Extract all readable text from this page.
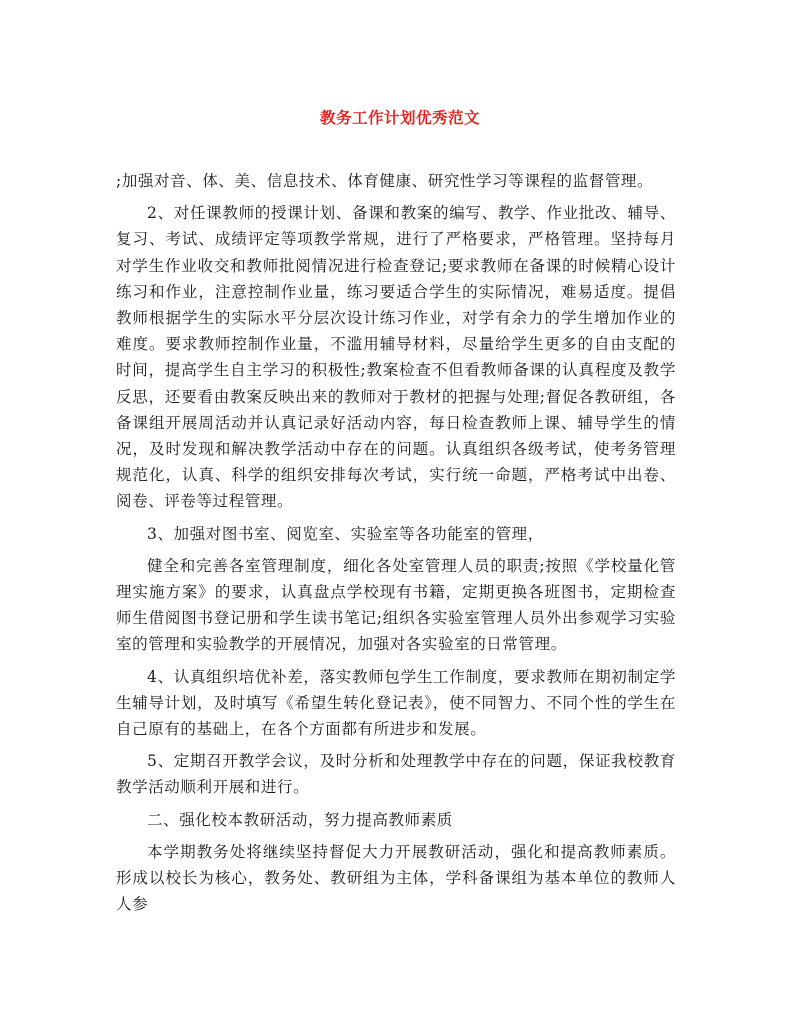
教务工作计划优秀范文

;加强对音、体、美、信息技术、体育健康、研究性学习等课程的监督管理。

2、对任课教师的授课计划、备课和教案的编写、教学、作业批改、辅导、复习、考试、成绩评定等项教学常规，进行了严格要求，严格管理。坚持每月对学生作业收交和教师批阅情况进行检查登记;要求教师在备课的时候精心设计练习和作业，注意控制作业量，练习要适合学生的实际情况，难易适度。提倡教师根据学生的实际水平分层次设计练习作业，对学有余力的学生增加作业的难度。要求教师控制作业量，不滥用辅导材料，尽量给学生更多的自由支配的时间，提高学生自主学习的积极性;教案检查不但看教师备课的认真程度及教学反思，还要看由教案反映出来的教师对于教材的把握与处理;督促各教研组，各备课组开展周活动并认真记录好活动内容，每日检查教师上课、辅导学生的情况，及时发现和解决教学活动中存在的问题。认真组织各级考试，使考务管理规范化，认真、科学的组织安排每次考试，实行统一命题，严格考试中出卷、阅卷、评卷等过程管理。

3、加强对图书室、阅览室、实验室等各功能室的管理，

健全和完善各室管理制度，细化各处室管理人员的职责;按照《学校量化管理实施方案》的要求，认真盘点学校现有书籍，定期更换各班图书，定期检查师生借阅图书登记册和学生读书笔记;组织各实验室管理人员外出参观学习实验室的管理和实验教学的开展情况，加强对各实验室的日常管理。

4、认真组织培优补差，落实教师包学生工作制度，要求教师在期初制定学生辅导计划，及时填写《希望生转化登记表》，使不同智力、不同个性的学生在自己原有的基础上，在各个方面都有所进步和发展。

5、定期召开教学会议，及时分析和处理教学中存在的问题，保证我校教育教学活动顺利开展和进行。

二、强化校本教研活动，努力提高教师素质

本学期教务处将继续坚持督促大力开展教研活动，强化和提高教师素质。形成以校长为核心，教务处、教研组为主体，学科备课组为基本单位的教师人人参
